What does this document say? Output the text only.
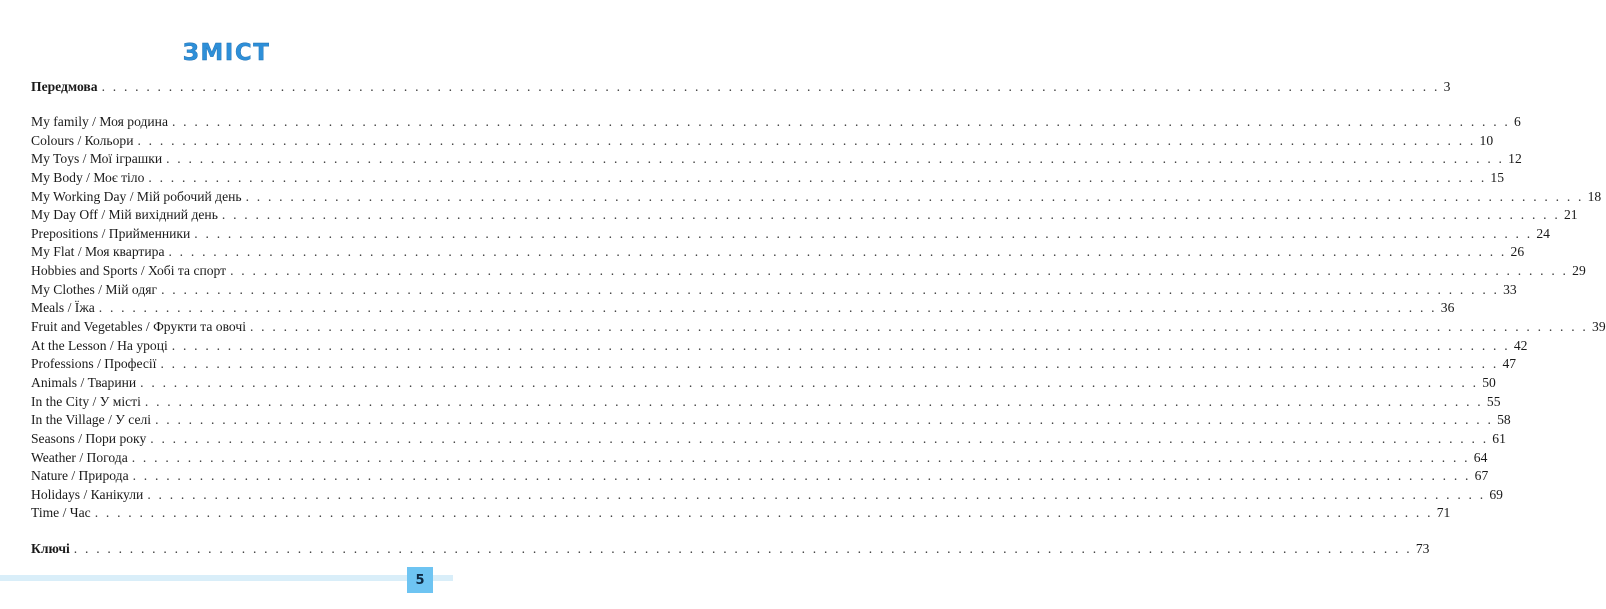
ЗМІСТ
Передмова . . . . . . . . . . . . . . . . . . . . . . . . . . . . . . . . . . . . . . . . . . . . . . . . . . . . . . . . . . . . . . . . . . . . . . . . . . . . . . . . . . . . . . . . . . . . . . . . . . . . . . . . . . . . . . . . . . . . . . . . 3
My family / Моя родина . . . . . . . . . . . . . . . . . . . . . . . . . . . . . . . . . . . . . . . . . . . . . . . . . . . . . . . . . . . . . . . . . . . . . . . . . . . . . . . . . . . . . . . . . . . . . . . . . . . . . . . . . . . . . . . . . . . . . . . . 6
Colours / Кольори . . . . . . . . . . . . . . . . . . . . . . . . . . . . . . . . . . . . . . . . . . . . . . . . . . . . . . . . . . . . . . . . . . . . . . . . . . . . . . . . . . . . . . . . . . . . . . . . . . . . . . . . . . . . . . . . . . . . . . . . 10
My Toys / Мої іграшки . . . . . . . . . . . . . . . . . . . . . . . . . . . . . . . . . . . . . . . . . . . . . . . . . . . . . . . . . . . . . . . . . . . . . . . . . . . . . . . . . . . . . . . . . . . . . . . . . . . . . . . . . . . . . . . . . . . . . . . . 12
My Body / Моє тіло . . . . . . . . . . . . . . . . . . . . . . . . . . . . . . . . . . . . . . . . . . . . . . . . . . . . . . . . . . . . . . . . . . . . . . . . . . . . . . . . . . . . . . . . . . . . . . . . . . . . . . . . . . . . . . . . . . . . . . . . 15
My Working Day / Мій робочий день . . . . . . . . . . . . . . . . . . . . . . . . . . . . . . . . . . . . . . . . . . . . . . . . . . . . . . . . . . . . . . . . . . . . . . . . . . . . . . . . . . . . . . . . . . . . . . . . . . . . . . . . . . . . . . . . . . . . . . . . 18
My Day Off / Мій вихідний день . . . . . . . . . . . . . . . . . . . . . . . . . . . . . . . . . . . . . . . . . . . . . . . . . . . . . . . . . . . . . . . . . . . . . . . . . . . . . . . . . . . . . . . . . . . . . . . . . . . . . . . . . . . . . . . . . . . . . . . . 21
Prepositions / Прийменники . . . . . . . . . . . . . . . . . . . . . . . . . . . . . . . . . . . . . . . . . . . . . . . . . . . . . . . . . . . . . . . . . . . . . . . . . . . . . . . . . . . . . . . . . . . . . . . . . . . . . . . . . . . . . . . . . . . . . . . . 24
My Flat / Моя квартира . . . . . . . . . . . . . . . . . . . . . . . . . . . . . . . . . . . . . . . . . . . . . . . . . . . . . . . . . . . . . . . . . . . . . . . . . . . . . . . . . . . . . . . . . . . . . . . . . . . . . . . . . . . . . . . . . . . . . . . . 26
Hobbies and Sports / Хобі та спорт . . . . . . . . . . . . . . . . . . . . . . . . . . . . . . . . . . . . . . . . . . . . . . . . . . . . . . . . . . . . . . . . . . . . . . . . . . . . . . . . . . . . . . . . . . . . . . . . . . . . . . . . . . . . . . . . . . . . . . . . 29
My Clothes / Мій одяг . . . . . . . . . . . . . . . . . . . . . . . . . . . . . . . . . . . . . . . . . . . . . . . . . . . . . . . . . . . . . . . . . . . . . . . . . . . . . . . . . . . . . . . . . . . . . . . . . . . . . . . . . . . . . . . . . . . . . . . . 33
Meals / Їжа . . . . . . . . . . . . . . . . . . . . . . . . . . . . . . . . . . . . . . . . . . . . . . . . . . . . . . . . . . . . . . . . . . . . . . . . . . . . . . . . . . . . . . . . . . . . . . . . . . . . . . . . . . . . . . . . . . . . . . . . 36
Fruit and Vegetables / Фрукти та овочі . . . . . . . . . . . . . . . . . . . . . . . . . . . . . . . . . . . . . . . . . . . . . . . . . . . . . . . . . . . . . . . . . . . . . . . . . . . . . . . . . . . . . . . . . . . . . . . . . . . . . . . . . . . . . . . . . . . . . . . . 39
At the Lesson / На уроці . . . . . . . . . . . . . . . . . . . . . . . . . . . . . . . . . . . . . . . . . . . . . . . . . . . . . . . . . . . . . . . . . . . . . . . . . . . . . . . . . . . . . . . . . . . . . . . . . . . . . . . . . . . . . . . . . . . . . . . . 42
Professions / Професії . . . . . . . . . . . . . . . . . . . . . . . . . . . . . . . . . . . . . . . . . . . . . . . . . . . . . . . . . . . . . . . . . . . . . . . . . . . . . . . . . . . . . . . . . . . . . . . . . . . . . . . . . . . . . . . . . . . . . . . . 47
Animals / Тварини . . . . . . . . . . . . . . . . . . . . . . . . . . . . . . . . . . . . . . . . . . . . . . . . . . . . . . . . . . . . . . . . . . . . . . . . . . . . . . . . . . . . . . . . . . . . . . . . . . . . . . . . . . . . . . . . . . . . . . . . 50
In the City / У місті . . . . . . . . . . . . . . . . . . . . . . . . . . . . . . . . . . . . . . . . . . . . . . . . . . . . . . . . . . . . . . . . . . . . . . . . . . . . . . . . . . . . . . . . . . . . . . . . . . . . . . . . . . . . . . . . . . . . . . . . 55
In the Village / У селі . . . . . . . . . . . . . . . . . . . . . . . . . . . . . . . . . . . . . . . . . . . . . . . . . . . . . . . . . . . . . . . . . . . . . . . . . . . . . . . . . . . . . . . . . . . . . . . . . . . . . . . . . . . . . . . . . . . . . . . . 58
Seasons / Пори року . . . . . . . . . . . . . . . . . . . . . . . . . . . . . . . . . . . . . . . . . . . . . . . . . . . . . . . . . . . . . . . . . . . . . . . . . . . . . . . . . . . . . . . . . . . . . . . . . . . . . . . . . . . . . . . . . . . . . . . . 61
Weather / Погода . . . . . . . . . . . . . . . . . . . . . . . . . . . . . . . . . . . . . . . . . . . . . . . . . . . . . . . . . . . . . . . . . . . . . . . . . . . . . . . . . . . . . . . . . . . . . . . . . . . . . . . . . . . . . . . . . . . . . . . . 64
Nature / Природа . . . . . . . . . . . . . . . . . . . . . . . . . . . . . . . . . . . . . . . . . . . . . . . . . . . . . . . . . . . . . . . . . . . . . . . . . . . . . . . . . . . . . . . . . . . . . . . . . . . . . . . . . . . . . . . . . . . . . . . . 67
Holidays / Канікули . . . . . . . . . . . . . . . . . . . . . . . . . . . . . . . . . . . . . . . . . . . . . . . . . . . . . . . . . . . . . . . . . . . . . . . . . . . . . . . . . . . . . . . . . . . . . . . . . . . . . . . . . . . . . . . . . . . . . . . . 69
Time / Час . . . . . . . . . . . . . . . . . . . . . . . . . . . . . . . . . . . . . . . . . . . . . . . . . . . . . . . . . . . . . . . . . . . . . . . . . . . . . . . . . . . . . . . . . . . . . . . . . . . . . . . . . . . . . . . . . . . . . . . . 71
Ключі . . . . . . . . . . . . . . . . . . . . . . . . . . . . . . . . . . . . . . . . . . . . . . . . . . . . . . . . . . . . . . . . . . . . . . . . . . . . . . . . . . . . . . . . . . . . . . . . . . . . . . . . . . . . . . . . . . . . . . . . 73
5
